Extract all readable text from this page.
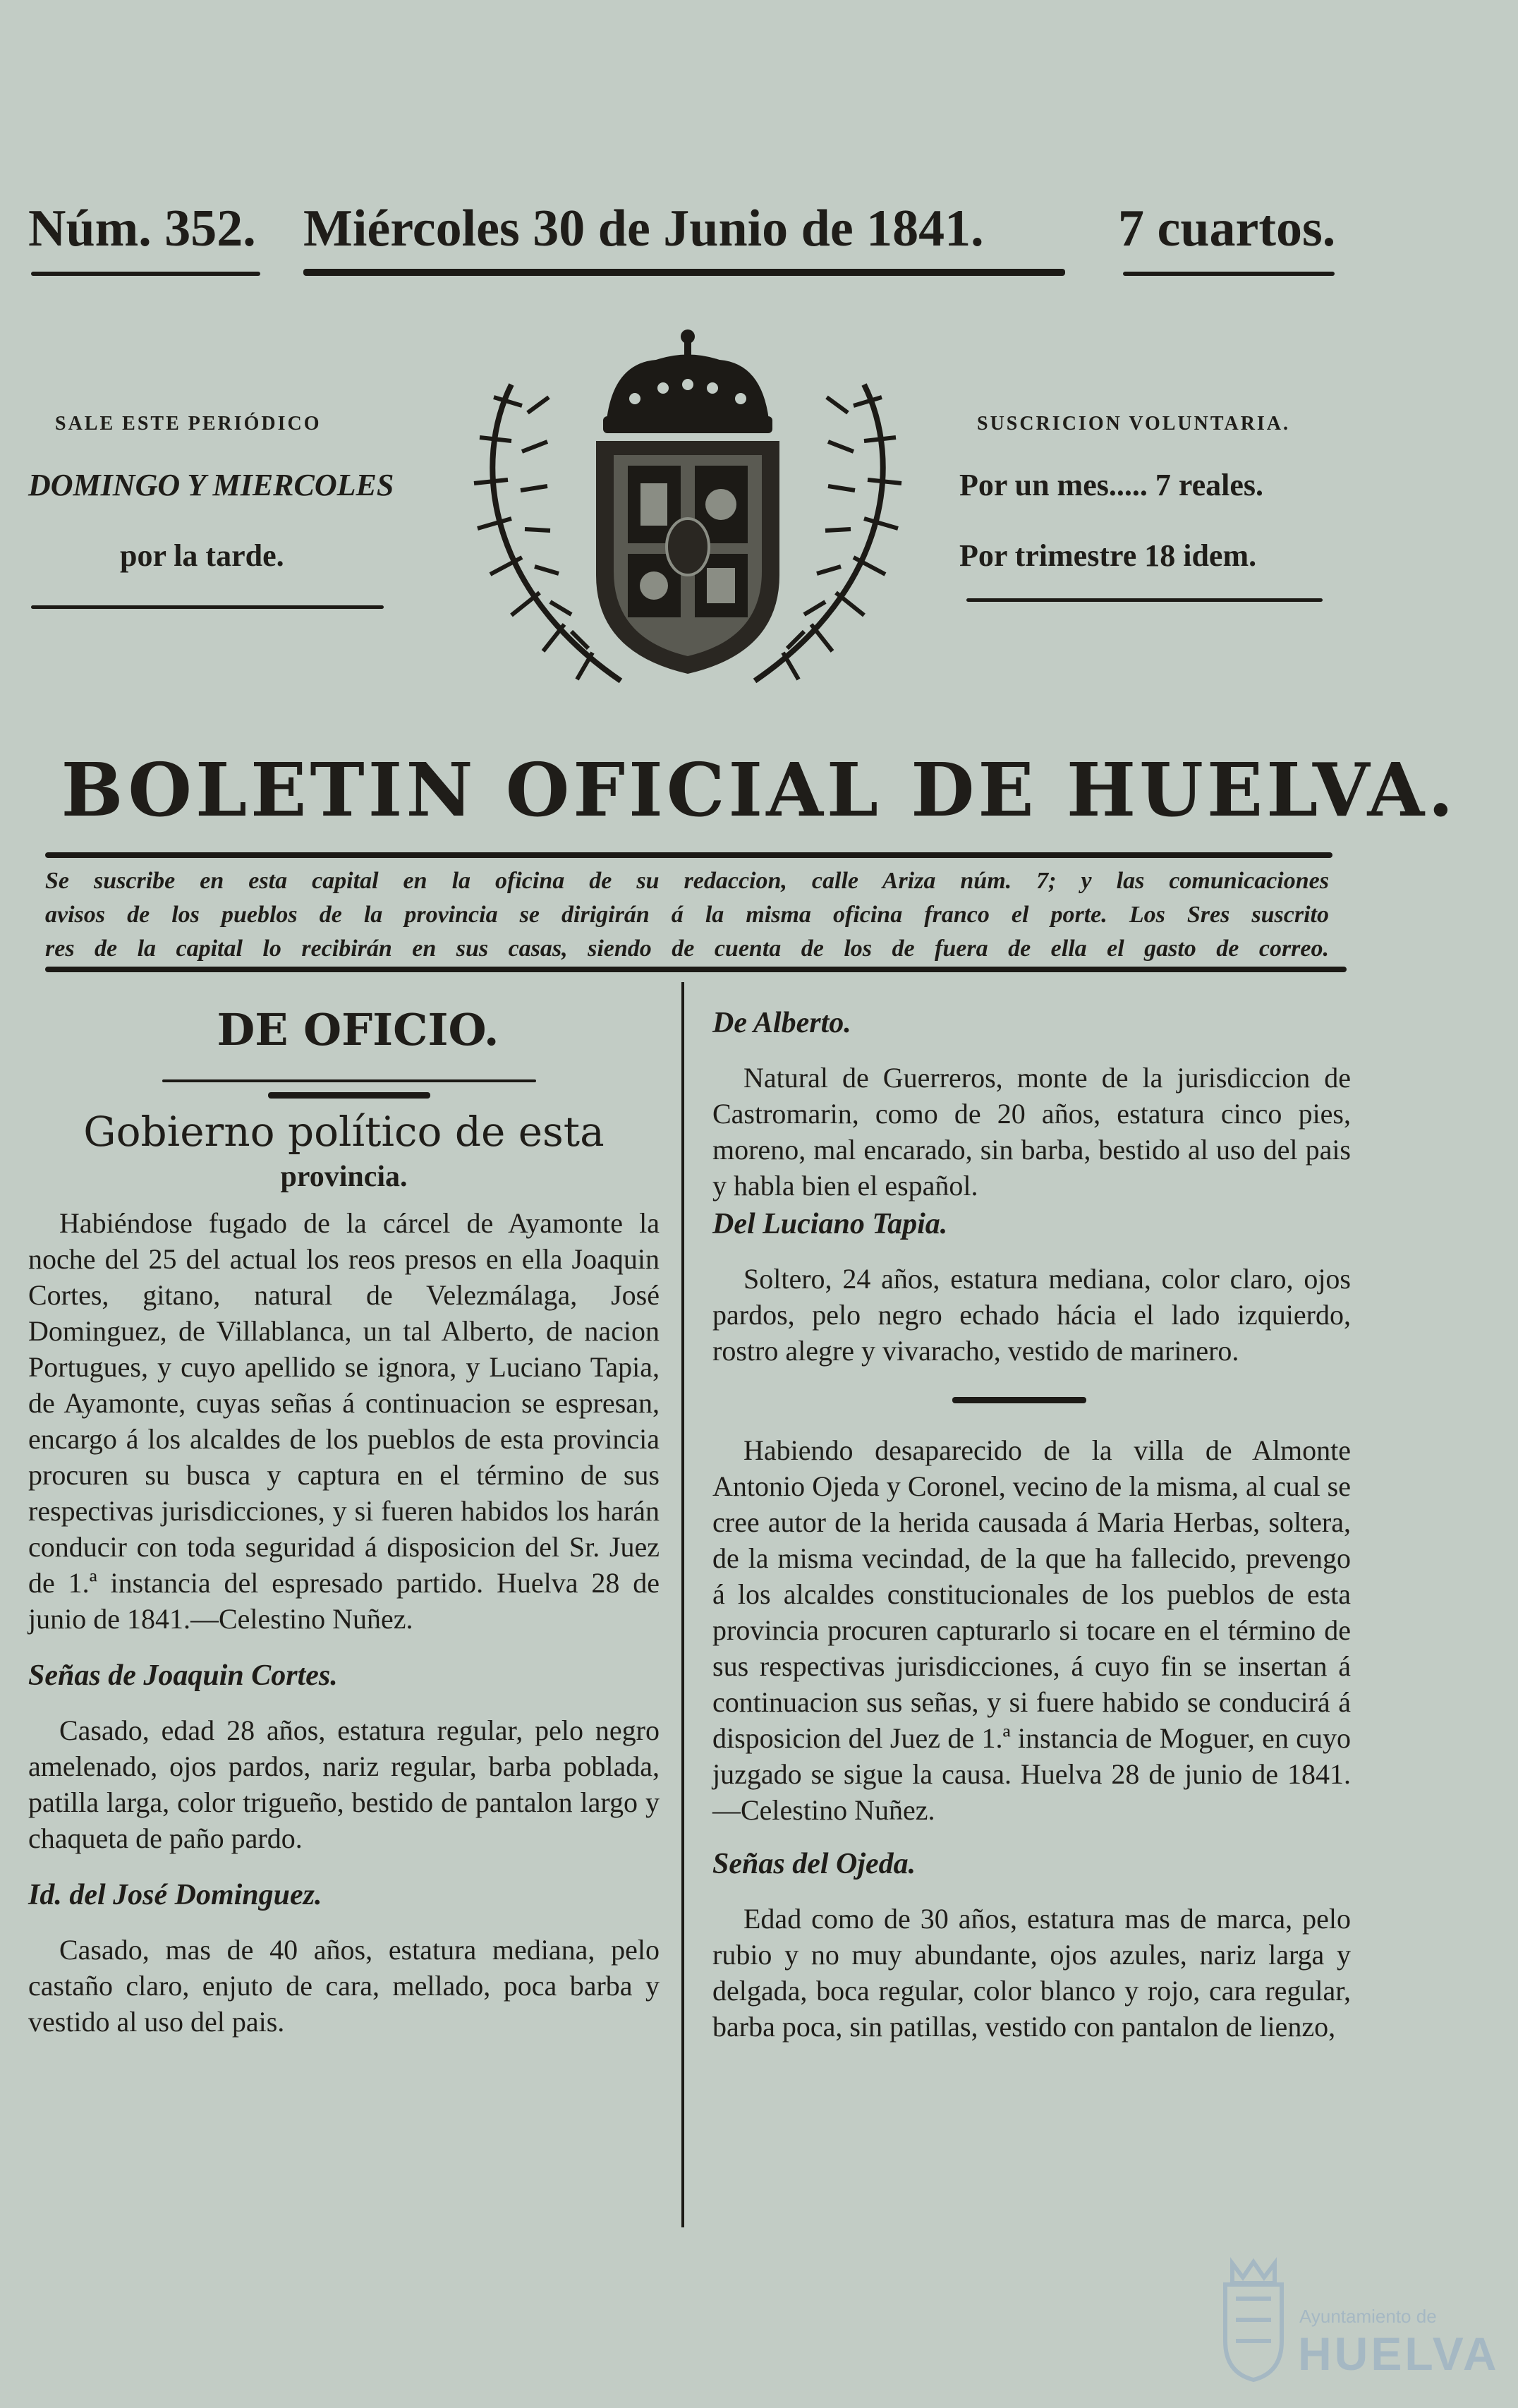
Núm. 352. Miércoles 30 de Junio de 1841.	7 cuartos.
SALE ESTE PERIÓDICO
DOMINGO Y MIERCOLES
por la tarde.
SUSCRICION VOLUNTARIA.
Por un mes..... 7 reales.
Por trimestre 18 idem.
BOLETIN OFICIAL DE HUELVA.
Se suscribe en esta capital en la oficina de su redaccion, calle Ariza núm. 7; y las comunicaciones
avisos de los pueblos de la provincia se dirigirán á la misma oficina franco el porte. Los Sres suscrito
res de la capital lo recibirán en sus casas, siendo de cuenta de los de fuera de ella el gasto de correo.
DE OFICIO.
Gobierno político de esta
provincia.

Habiéndose fugado de la cárcel de Ayamonte la noche del 25 del actual los reos presos en ella Joaquin Cortes, gitano, natural de Velezmálaga, José Dominguez, de Villablanca, un tal Alberto, de nacion Portugues, y cuyo apellido se ignora, y Luciano Tapia, de Ayamonte, cuyas señas á continuacion se espresan, encargo á los alcaldes de los pueblos de esta provincia procuren su busca y captura en el término de sus respectivas jurisdicciones, y si fueren habidos los harán conducir con toda seguridad á disposicion del Sr. Juez de 1.ª instancia del espresado partido. Huelva 28 de junio de 1841.—Celestino Nuñez.

Señas de Joaquin Cortes.

Casado, edad 28 años, estatura regular, pelo negro amelenado, ojos pardos, nariz regular, barba poblada, patilla larga, color trigueño, bestido de pantalon largo y chaqueta de paño pardo.

Id. del José Dominguez.

Casado, mas de 40 años, estatura mediana, pelo castaño claro, enjuto de cara, mellado, poca barba y vestido al uso del pais.

De Alberto.

Natural de Guerreros, monte de la jurisdiccion de Castromarin, como de 20 años, estatura cinco pies, moreno, mal encarado, sin barba, bestido al uso del pais y habla bien el español.

Del Luciano Tapia.

Soltero, 24 años, estatura mediana, color claro, ojos pardos, pelo negro echado hácia el lado izquierdo, rostro alegre y vivaracho, vestido de marinero.

Habiendo desaparecido de la villa de Almonte Antonio Ojeda y Coronel, vecino de la misma, al cual se cree autor de la herida causada á Maria Herbas, soltera, de la misma vecindad, de la que ha fallecido, prevengo á los alcaldes constitucionales de los pueblos de esta provincia procuren capturarlo si tocare en el término de sus respectivas jurisdicciones, á cuyo fin se insertan á continuacion sus señas, y si fuere habido se conducirá á disposicion del Juez de 1.ª instancia de Moguer, en cuyo juzgado se sigue la causa. Huelva 28 de junio de 1841.—Celestino Nuñez.

Señas del Ojeda.

Edad como de 30 años, estatura mas de marca, pelo rubio y no muy abundante, ojos azules, nariz larga y delgada, boca regular, color blanco y rojo, cara regular, barba poca, sin patillas, vestido con pantalon de lienzo,

Ayuntamiento de
HUELVA
